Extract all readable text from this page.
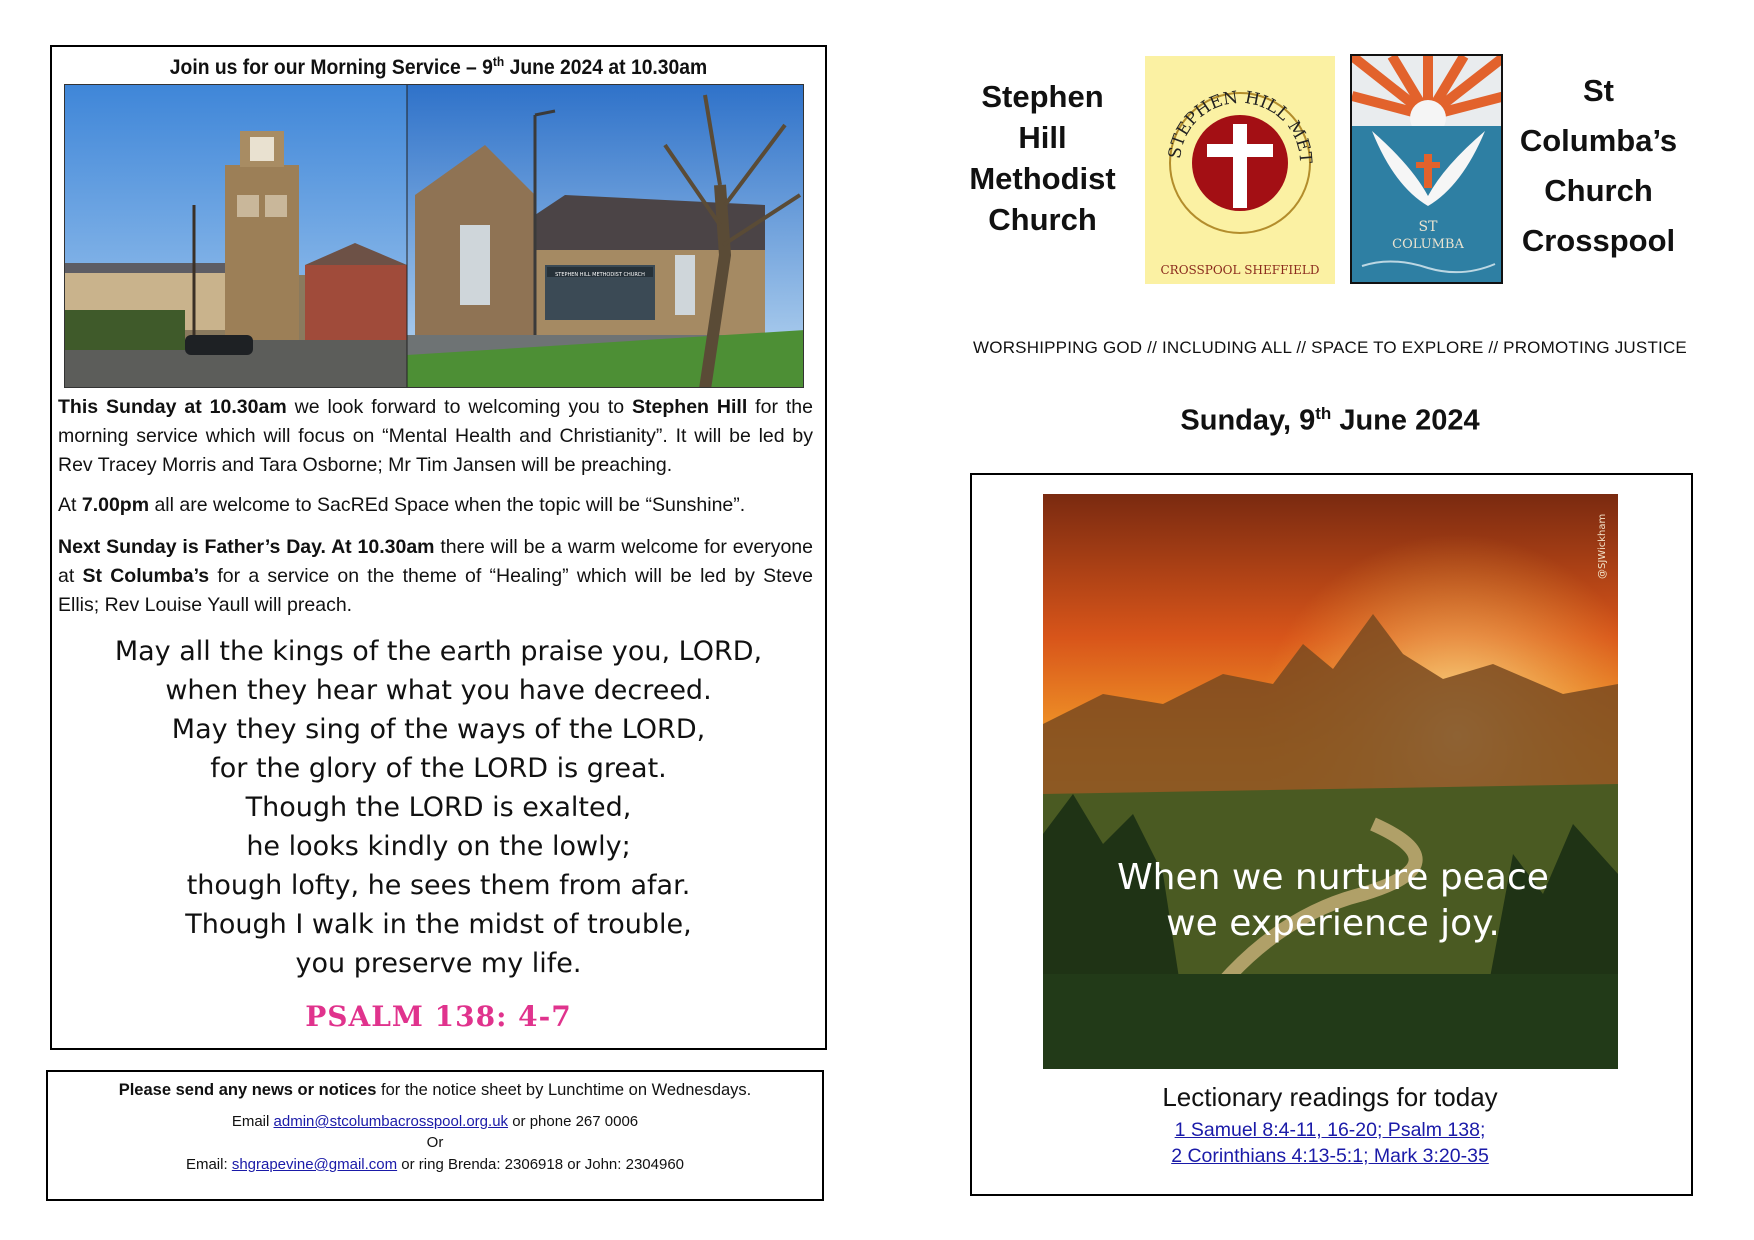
Join us for our Morning Service – 9th June 2024 at 10.30am
STEPHEN HILL METHODIST CHURCH
This Sunday at 10.30am we look forward to welcoming you to Stephen Hill for the morning service which will focus on “Mental Health and Christianity”. It will be led by Rev Tracey Morris and Tara Osborne; Mr Tim Jansen will be preaching.
At 7.00pm all are welcome to SacREd Space when the topic will be “Sunshine”.
Next Sunday is Father’s Day. At 10.30am there will be a warm welcome for everyone at St Columba’s for a service on the theme of “Healing” which will be led by Steve Ellis; Rev Louise Yaull will preach.
May all the kings of the earth praise you, LORD,
when they hear what you have decreed.
May they sing of the ways of the LORD,
for the glory of the LORD is great.
Though the LORD is exalted,
he looks kindly on the lowly;
though lofty, he sees them from afar.
Though I walk in the midst of trouble,
you preserve my life.
PSALM 138: 4-7
Please send any news or notices for the notice sheet by Lunchtime on Wednesdays.
Email admin@stcolumbacrosspool.org.uk or phone 267 0006
Or
Email: shgrapevine@gmail.com or ring Brenda: 2306918 or John: 2304960
Stephen
Hill
Methodist
Church
STEPHEN HILL MET
CROSSPOOL SHEFFIELD
ST
COLUMBA
St
Columba’s
Church
Crosspool
WORSHIPPING GOD // INCLUDING ALL // SPACE TO EXPLORE // PROMOTING JUSTICE
Sunday, 9th June 2024
When we nurture peace
we experience joy.
@SJWickham
Lectionary readings for today
1 Samuel 8:4-11, 16-20; Psalm 138;
2 Corinthians 4:13-5:1; Mark 3:20-35
